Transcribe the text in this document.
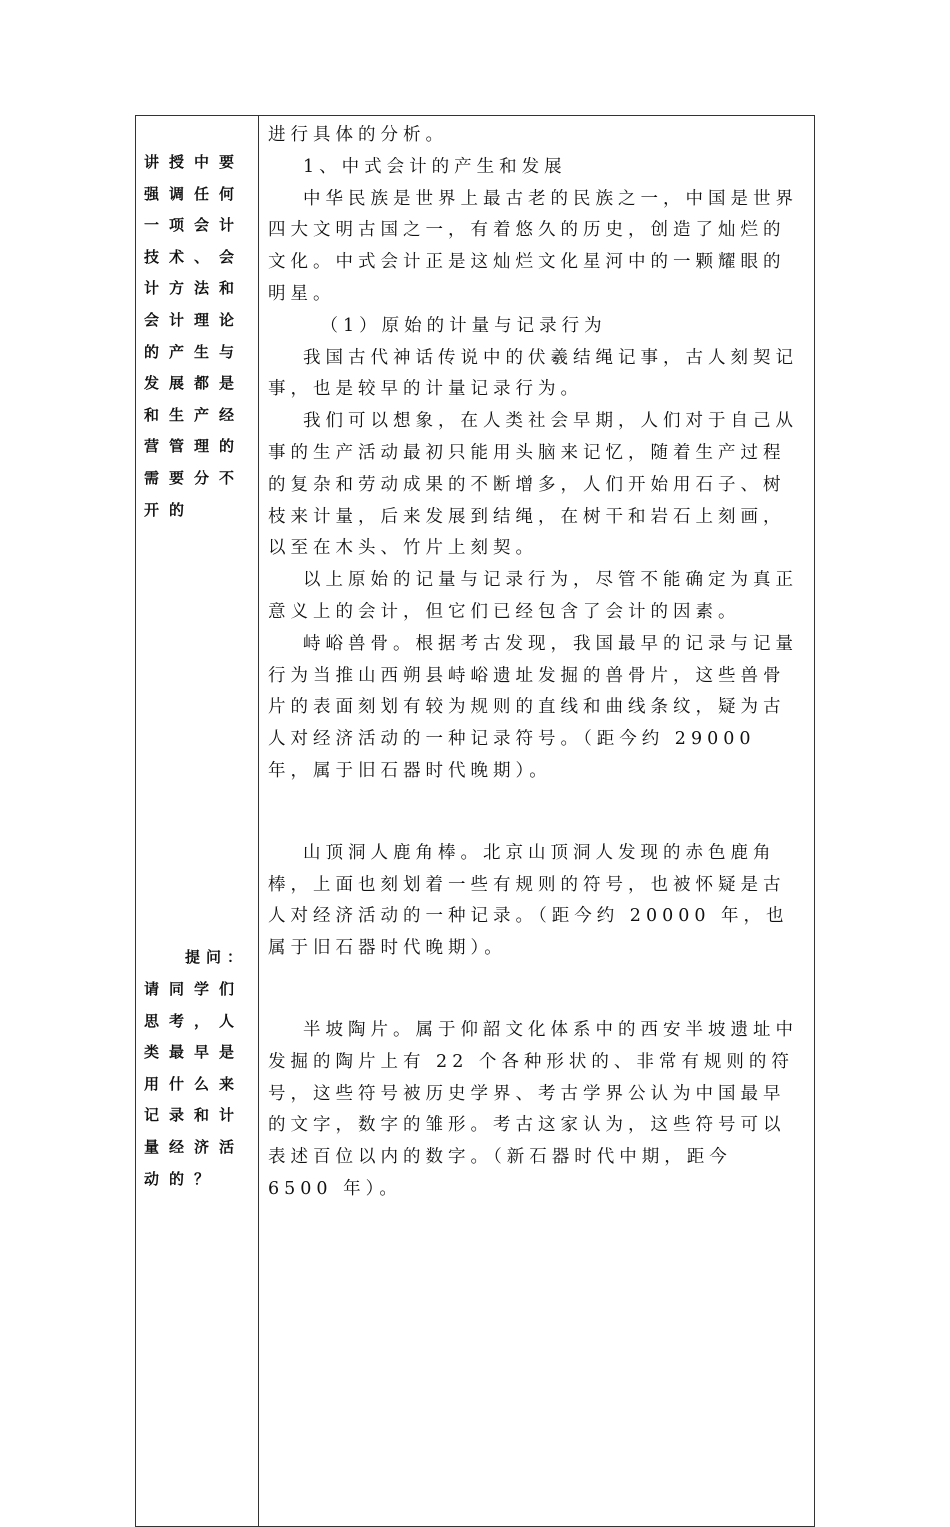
讲授中要强调任何一项会计技术、会计方法和会计理论的产生与发展都是和生产经营管理的需要分不开的
提问：
请同学们思考，人类最早是用什么来记录和计量经济活动的？

进行具体的分析。

1、中式会计的产生和发展

中华民族是世界上最古老的民族之一，中国是世界四大文明古国之一，有着悠久的历史，创造了灿烂的文化。中式会计正是这灿烂文化星河中的一颗耀眼的明星。

（1）原始的计量与记录行为

我国古代神话传说中的伏羲结绳记事，古人刻契记事，也是较早的计量记录行为。

我们可以想象，在人类社会早期，人们对于自己从事的生产活动最初只能用头脑来记忆，随着生产过程的复杂和劳动成果的不断增多，人们开始用石子、树枝来计量，后来发展到结绳，在树干和岩石上刻画，以至在木头、竹片上刻契。

以上原始的记量与记录行为，尽管不能确定为真正意义上的会计，但它们已经包含了会计的因素。

峙峪兽骨。根据考古发现，我国最早的记录与记量行为当推山西朔县峙峪遗址发掘的兽骨片，这些兽骨片的表面刻划有较为规则的直线和曲线条纹，疑为古人对经济活动的一种记录符号。（距今约 29000 年，属于旧石器时代晚期）。

山顶洞人鹿角棒。北京山顶洞人发现的赤色鹿角棒，上面也刻划着一些有规则的符号，也被怀疑是古人对经济活动的一种记录。（距今约 20000 年，也属于旧石器时代晚期）。

半坡陶片。属于仰韶文化体系中的西安半坡遗址中发掘的陶片上有 22 个各种形状的、非常有规则的符号，这些符号被历史学界、考古学界公认为中国最早的文字，数字的雏形。考古这家认为，这些符号可以表述百位以内的数字。（新石器时代中期，距今 6500 年）。
